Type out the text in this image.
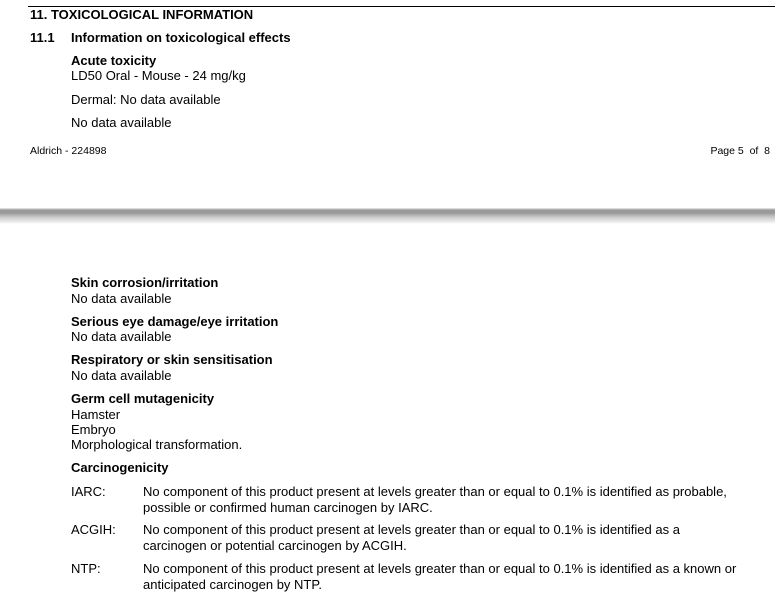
11. TOXICOLOGICAL INFORMATION
11.1 Information on toxicological effects
Acute toxicity
LD50 Oral - Mouse - 24 mg/kg
Dermal: No data available
No data available
Aldrich - 224898	Page 5  of  8
Skin corrosion/irritation
No data available
Serious eye damage/eye irritation
No data available
Respiratory or skin sensitisation
No data available
Germ cell mutagenicity
Hamster
Embryo
Morphological transformation.
Carcinogenicity
IARC:	No component of this product present at levels greater than or equal to 0.1% is identified as probable, possible or confirmed human carcinogen by IARC.
ACGIH: No component of this product present at levels greater than or equal to 0.1% is identified as a carcinogen or potential carcinogen by ACGIH.
NTP:	No component of this product present at levels greater than or equal to 0.1% is identified as a known or anticipated carcinogen by NTP.
